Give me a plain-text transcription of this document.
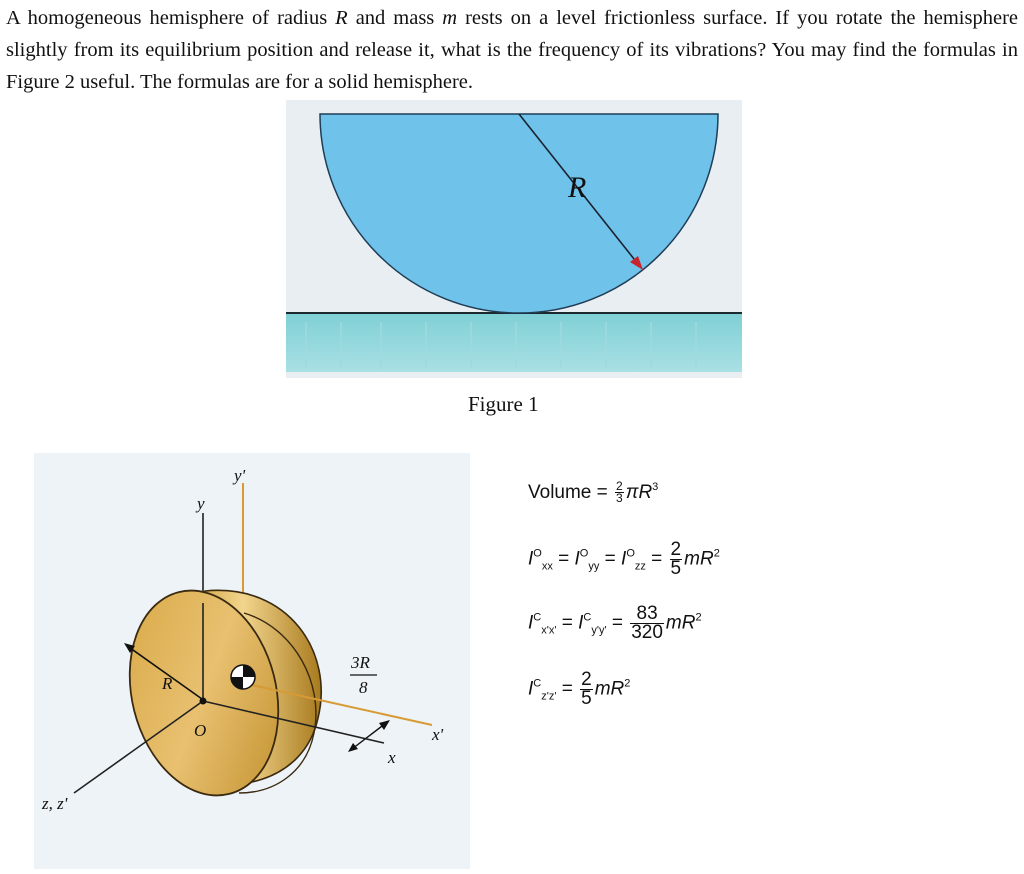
A homogeneous hemisphere of radius R and mass m rests on a level frictionless surface. If you rotate the hemisphere slightly from its equilibrium position and release it, what is the frequency of its vibrations? You may find the formulas in Figure 2 useful. The formulas are for a solid hemisphere.

R
Figure 1
y'
y
R
O	x'
x
z, z'
3R
8
Volume = $\frac{2}{3} \pi R^3$
$I^O_{xx} = I^O_{yy} = I^O_{zz} = \frac{2}{5} mR^2$
$I^C_{x'x'} = I^C_{y'y'} = \frac{83}{320} mR^2$
$I^C_{z'z'} = \frac{2}{5} mR^2$
